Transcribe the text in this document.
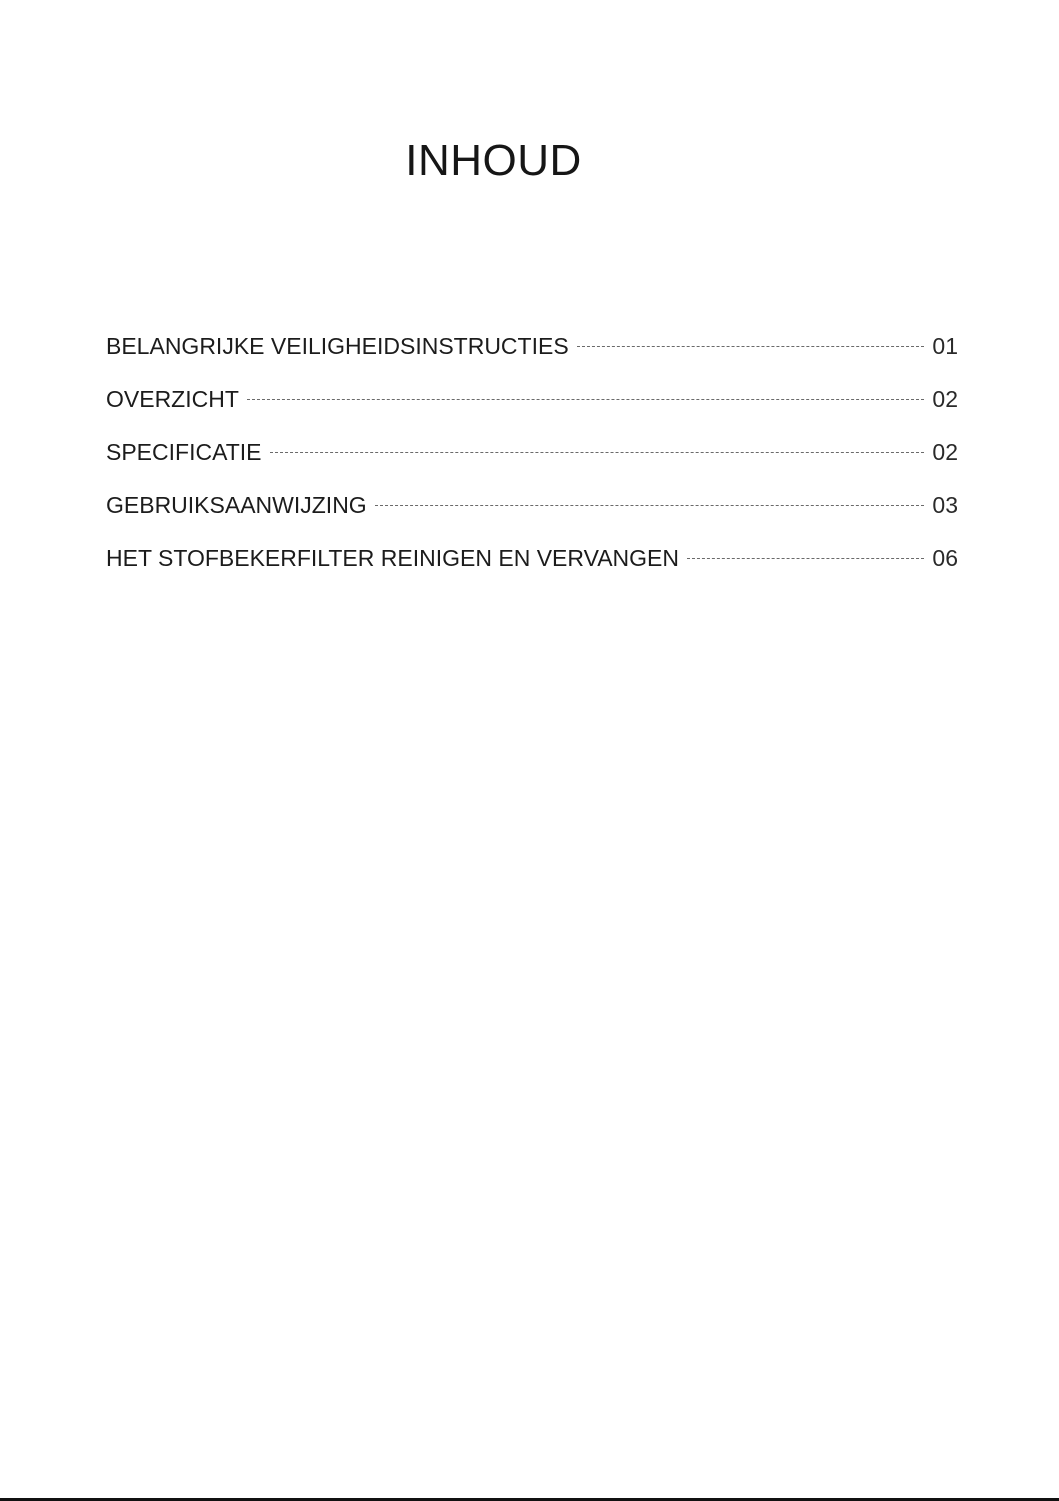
INHOUD
BELANGRIJKE VEILIGHEIDSINSTRUCTIES	01
OVERZICHT	02
SPECIFICATIE	02
GEBRUIKSAANWIJZING	03
HET STOFBEKERFILTER REINIGEN EN VERVANGEN	06
